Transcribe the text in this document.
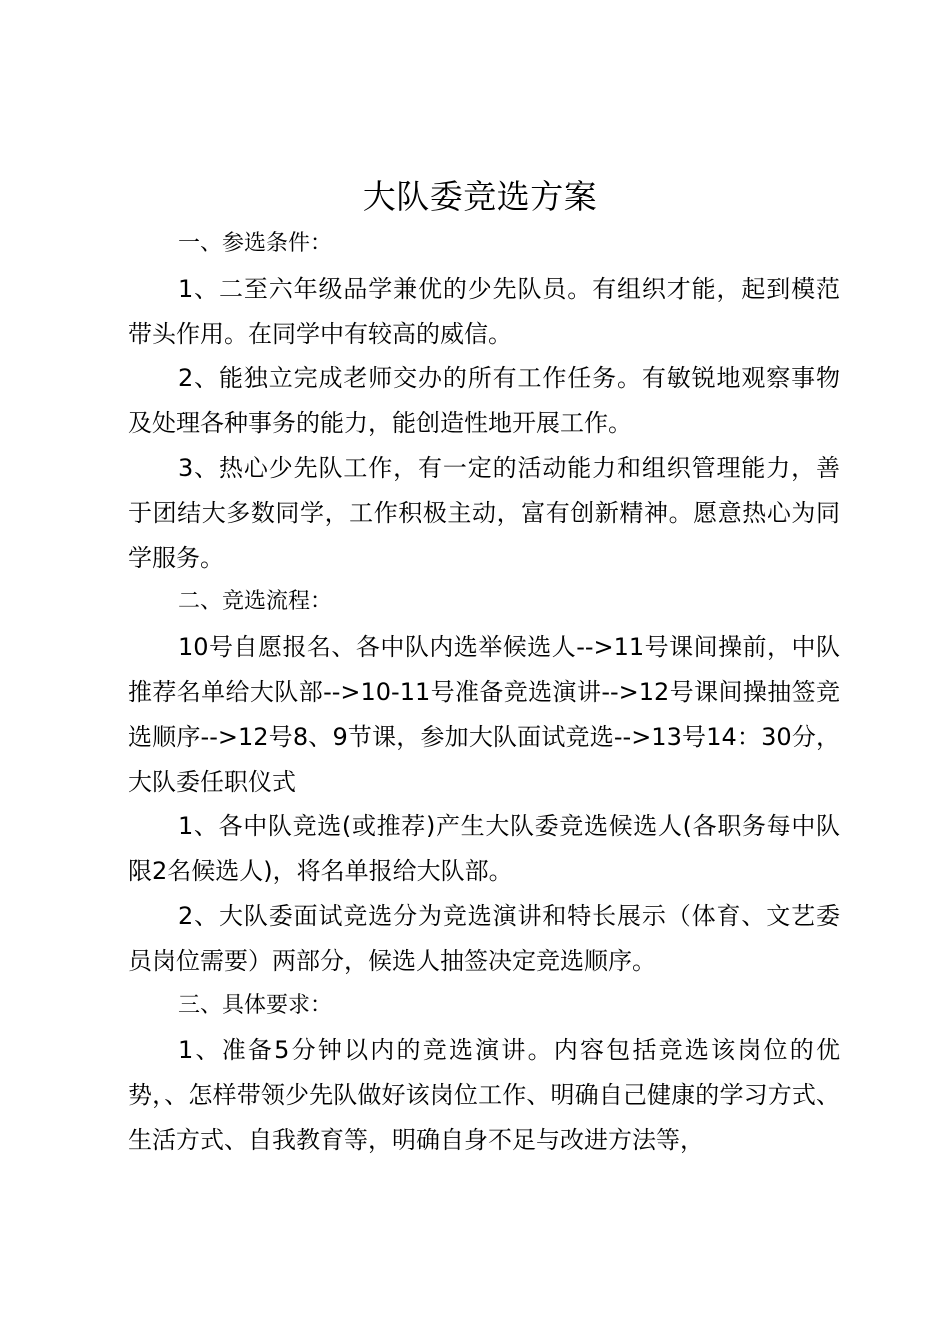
大队委竞选方案

一、参选条件：

1、二至六年级品学兼优的少先队员。有组织才能，起到模范带头作用。在同学中有较高的威信。

2、能独立完成老师交办的所有工作任务。有敏锐地观察事物及处理各种事务的能力，能创造性地开展工作。

3、热心少先队工作，有一定的活动能力和组织管理能力，善于团结大多数同学，工作积极主动，富有创新精神。愿意热心为同学服务。

二、竞选流程：

10号自愿报名、各中队内选举候选人-->11号课间操前，中队推荐名单给大队部-->10-11号准备竞选演讲-->12号课间操抽签竞选顺序-->12号8、9节课，参加大队面试竞选-->13号14：30分，大队委任职仪式

1、各中队竞选(或推荐)产生大队委竞选候选人(各职务每中队限2名候选人)，将名单报给大队部。

2、大队委面试竞选分为竞选演讲和特长展示（体育、文艺委员岗位需要）两部分，候选人抽签决定竞选顺序。

三、具体要求：

1、准备5分钟以内的竞选演讲。内容包括竞选该岗位的优势，、怎样带领少先队做好该岗位工作、明确自己健康的学习方式、生活方式、自我教育等，明确自身不足与改进方法等，
